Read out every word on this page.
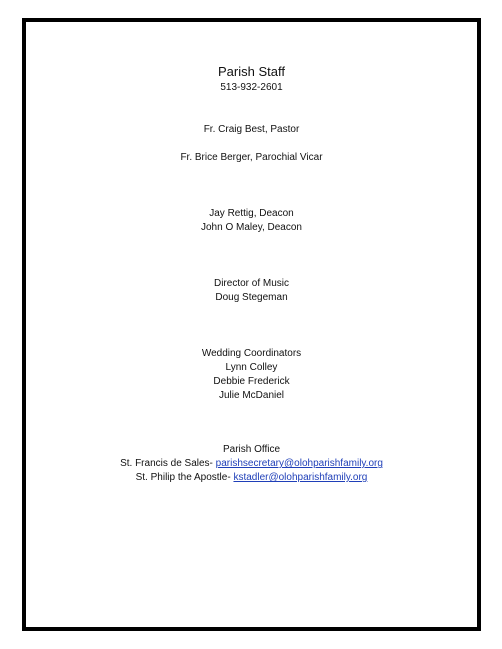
Parish Staff
513-932-2601
Fr. Craig Best, Pastor
Fr. Brice Berger, Parochial Vicar
Jay Rettig, Deacon
John O Maley, Deacon
Director of Music
Doug Stegeman
Wedding Coordinators
Lynn Colley
Debbie Frederick
Julie McDaniel
Parish Office
St. Francis de Sales- parishsecretary@olohparishfamily.org
St. Philip the Apostle- kstadler@olohparishfamily.org
